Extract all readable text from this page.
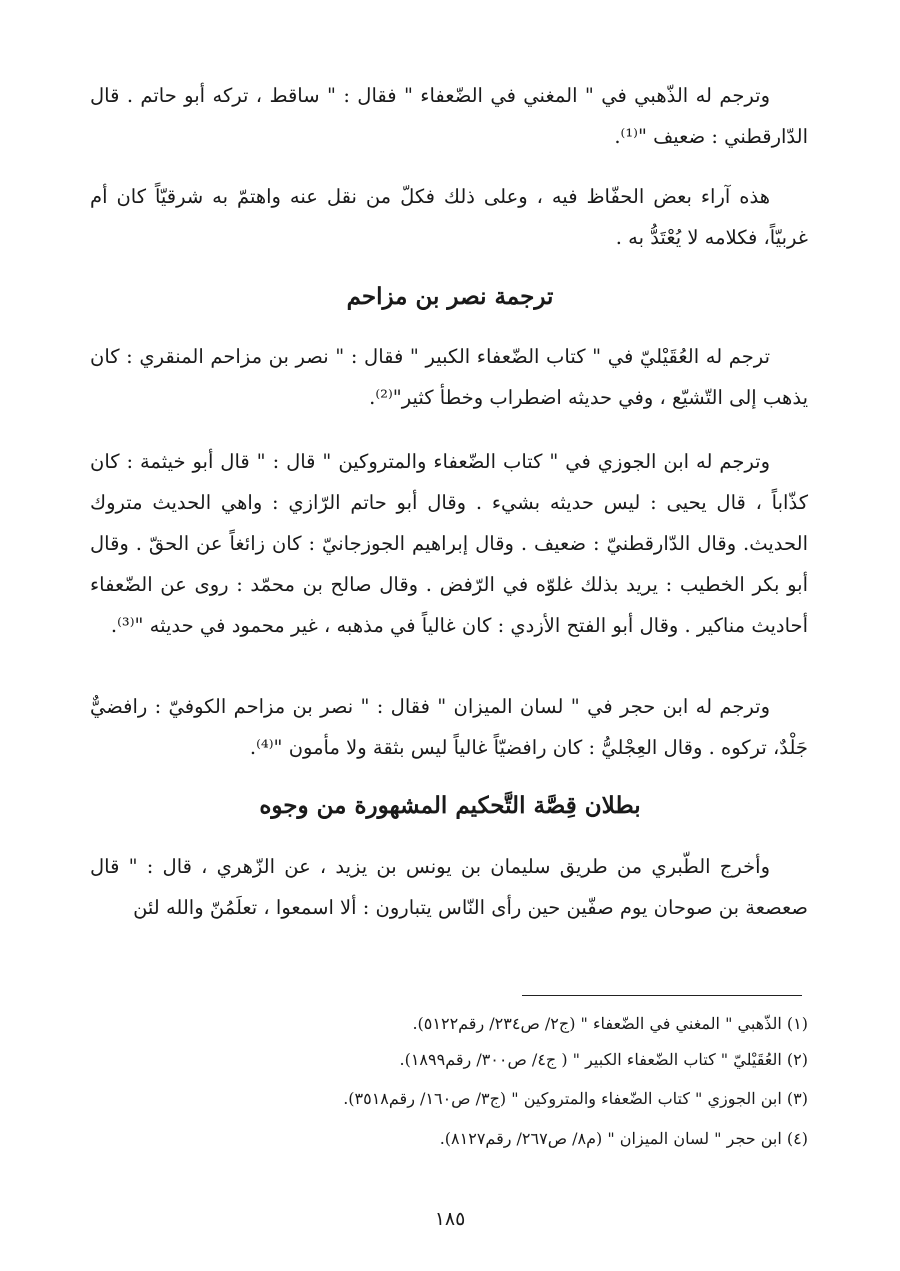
وترجم له الذّهبي في " المغني في الضّعفاء " فقال : " ساقط ، تركه أبو حاتم . قال الدّارقطني : ضعيف "⁽¹⁾.

هذه آراء بعض الحفّاظ فيه ، وعلى ذلك فكلّ من نقل عنه واهتمّ به شرقيّاً كان أم غربيّاً، فكلامه لا يُعْتَدُّ به .

ترجمة نصر بن مزاحم

ترجم له العُقَيْليّ في " كتاب الضّعفاء الكبير " فقال : " نصر بن مزاحم المنقري : كان يذهب إلى التّشيّع ، وفي حديثه اضطراب وخطأ كثير"⁽²⁾.

وترجم له ابن الجوزي في " كتاب الضّعفاء والمتروكين " قال : " قال أبو خيثمة : كان كذّاباً ، قال يحيى : ليس حديثه بشيء . وقال أبو حاتم الرّازي : واهي الحديث متروك الحديث. وقال الدّارقطنيّ : ضعيف . وقال إبراهيم الجوزجانيّ : كان زائغاً عن الحقّ . وقال أبو بكر الخطيب : يريد بذلك غلوّه في الرّفض . وقال صالح بن محمّد : روى عن الضّعفاء أحاديث مناكير . وقال أبو الفتح الأزدي : كان غالياً في مذهبه ، غير محمود في حديثه "⁽³⁾.

وترجم له ابن حجر في " لسان الميزان " فقال : " نصر بن مزاحم الكوفيّ : رافضيٌّ جَلْدٌ، تركوه . وقال العِجْليُّ : كان رافضيّاً غالياً ليس بثقة ولا مأمون "⁽⁴⁾.

بطلان قِصَّة التَّحكيم المشهورة من وجوه

وأخرج الطّبري من طريق سليمان بن يونس بن يزيد ، عن الزّهري ، قال : " قال صعصعة بن صوحان يوم صفّين حين رأى النّاس يتبارون : ألا اسمعوا ، تعلَمُنّ والله لئن

(١) الذّهبي " المغني في الضّعفاء " (ج٢/ ص٢٣٤/ رقم٥١٢٢).

(٢) العُقَيْليّ " كتاب الضّعفاء الكبير " ( ج٤/ ص٣٠٠/ رقم١٨٩٩).

(٣) ابن الجوزي " كتاب الضّعفاء والمتروكين " (ج٣/ ص١٦٠/ رقم٣٥١٨).

(٤) ابن حجر " لسان الميزان " (م٨/ ص٢٦٧/ رقم٨١٢٧).

١٨٥
